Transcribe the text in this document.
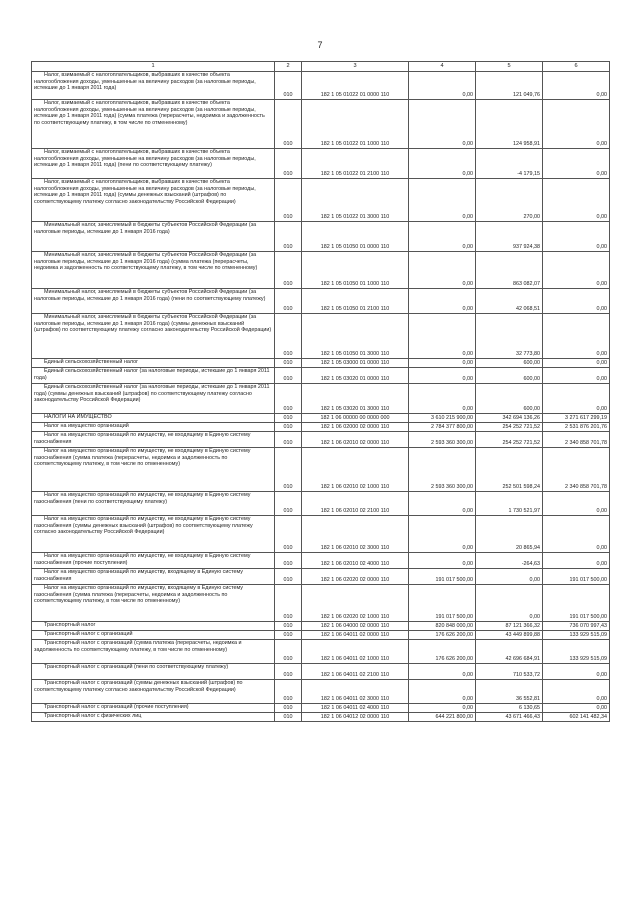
7
1	2	3	4	5	6
Налог, взимаемый с налогоплательщиков, выбравших в качестве объекта налогообложения доходы, уменьшенные на величину расходов (за налоговые периоды, истекшие до 1 января 2011 года)	010	182 1 05 01022 01 0000 110	0,00	121 049,76	0,00
Налог, взимаемый с налогоплательщиков, выбравших в качестве объекта налогообложения доходы, уменьшенные на величину расходов (за налоговые периоды, истекшие до 1 января 2011 года) (сумма платежа (перерасчеты, недоимка и задолженность по соответствующему платежу, в том числе по отмененному)	010	182 1 05 01022 01 1000 110	0,00	124 958,91	0,00
Налог, взимаемый с налогоплательщиков, выбравших в качестве объекта налогообложения доходы, уменьшенные на величину расходов (за налоговые периоды, истекшие до 1 января 2011 года) (пени по соответствующему платежу)	010	182 1 05 01022 01 2100 110	0,00	-4 179,15	0,00
Налог, взимаемый с налогоплательщиков, выбравших в качестве объекта налогообложения доходы, уменьшенные на величину расходов (за налоговые периоды, истекшие до 1 января 2011 года) (суммы денежных взысканий (штрафов) по соответствующему платежу согласно законодательству Российской Федерации)	010	182 1 05 01022 01 3000 110	0,00	270,00	0,00
Минимальный налог, зачисляемый в бюджеты субъектов Российской Федерации (за налоговые периоды, истекшие до 1 января 2016 года)	010	182 1 05 01050 01 0000 110	0,00	937 924,38	0,00
Минимальный налог, зачисляемый в бюджеты субъектов Российской Федерации (за налоговые периоды, истекшие до 1 января 2016 года) (сумма платежа (перерасчеты, недоимка и задолженность по соответствующему платежу, в том числе по отмененному)	010	182 1 05 01050 01 1000 110	0,00	863 082,07	0,00
Минимальный налог, зачисляемый в бюджеты субъектов Российской Федерации (за налоговые периоды, истекшие до 1 января 2016 года) (пени по соответствующему платежу)	010	182 1 05 01050 01 2100 110	0,00	42 068,51	0,00
Минимальный налог, зачисляемый в бюджеты субъектов Российской Федерации (за налоговые периоды, истекшие до 1 января 2016 года) (суммы денежных взысканий (штрафов) по соответствующему платежу согласно законодательству Российской Федерации)	010	182 1 05 01050 01 3000 110	0,00	32 773,80	0,00
Единый сельскохозяйственный налог	010	182 1 05 03000 01 0000 110	0,00	600,00	0,00
Единый сельскохозяйственный налог (за налоговые периоды, истекшие до 1 января 2011 года)	010	182 1 05 03020 01 0000 110	0,00	600,00	0,00
Единый сельскохозяйственный налог (за налоговые периоды, истекшие до 1 января 2011 года) (суммы денежных взысканий (штрафов) по соответствующему платежу согласно законодательству Российской Федерации)	010	182 1 05 03020 01 3000 110	0,00	600,00	0,00
НАЛОГИ НА ИМУЩЕСТВО	010	182 1 06 00000 00 0000 000	3 610 215 900,00	342 694 136,26	3 271 617 299,19
Налог на имущество организаций	010	182 1 06 02000 02 0000 110	2 784 377 800,00	254 252 721,52	2 531 876 201,76
Налог на имущество организаций по имуществу, не входящему в Единую систему газоснабжения	010	182 1 06 02010 02 0000 110	2 593 360 300,00	254 252 721,52	2 340 858 701,78
Налог на имущество организаций по имуществу, не входящему в Единую систему газоснабжения (сумма платежа (перерасчеты, недоимка и задолженность по соответствующему платежу, в том числе по отмененному)	010	182 1 06 02010 02 1000 110	2 593 360 300,00	252 501 598,24	2 340 858 701,78
Налог на имущество организаций по имуществу, не входящему в Единую систему газоснабжения (пени по соответствующему платежу)	010	182 1 06 02010 02 2100 110	0,00	1 730 521,97	0,00
Налог на имущество организаций по имуществу, не входящему в Единую систему газоснабжения (суммы денежных взысканий (штрафов) по соответствующему платежу согласно законодательству Российской Федерации)	010	182 1 06 02010 02 3000 110	0,00	20 865,94	0,00
Налог на имущество организаций по имуществу, не входящему в Единую систему газоснабжения (прочие поступления)	010	182 1 06 02010 02 4000 110	0,00	-264,63	0,00
Налог на имущество организаций по имуществу, входящему в Единую систему газоснабжения	010	182 1 06 02020 02 0000 110	191 017 500,00	0,00	191 017 500,00
Налог на имущество организаций по имуществу, входящему в Единую систему газоснабжения (сумма платежа (перерасчеты, недоимка и задолженность по соответствующему платежу, в том числе по отмененному)	010	182 1 06 02020 02 1000 110	191 017 500,00	0,00	191 017 500,00
Транспортный налог	010	182 1 06 04000 02 0000 110	820 848 000,00	87 121 366,32	736 070 997,43
Транспортный налог с организаций	010	182 1 06 04011 02 0000 110	176 626 200,00	43 449 899,88	133 929 515,09
Транспортный налог с организаций (сумма платежа (перерасчеты, недоимка и задолженность по соответствующему платежу, в том числе по отмененному)	010	182 1 06 04011 02 1000 110	176 626 200,00	42 696 684,91	133 929 515,09
Транспортный налог с организаций (пени по соответствующему платежу)	010	182 1 06 04011 02 2100 110	0,00	710 533,72	0,00
Транспортный налог с организаций (суммы денежных взысканий (штрафов) по соответствующему платежу согласно законодательству Российской Федерации)	010	182 1 06 04011 02 3000 110	0,00	36 552,81	0,00
Транспортный налог с организаций (прочие поступления)	010	182 1 06 04011 02 4000 110	0,00	6 130,65	0,00
Транспортный налог с физических лиц	010	182 1 06 04012 02 0000 110	644 221 800,00	43 671 466,43	602 141 482,34
